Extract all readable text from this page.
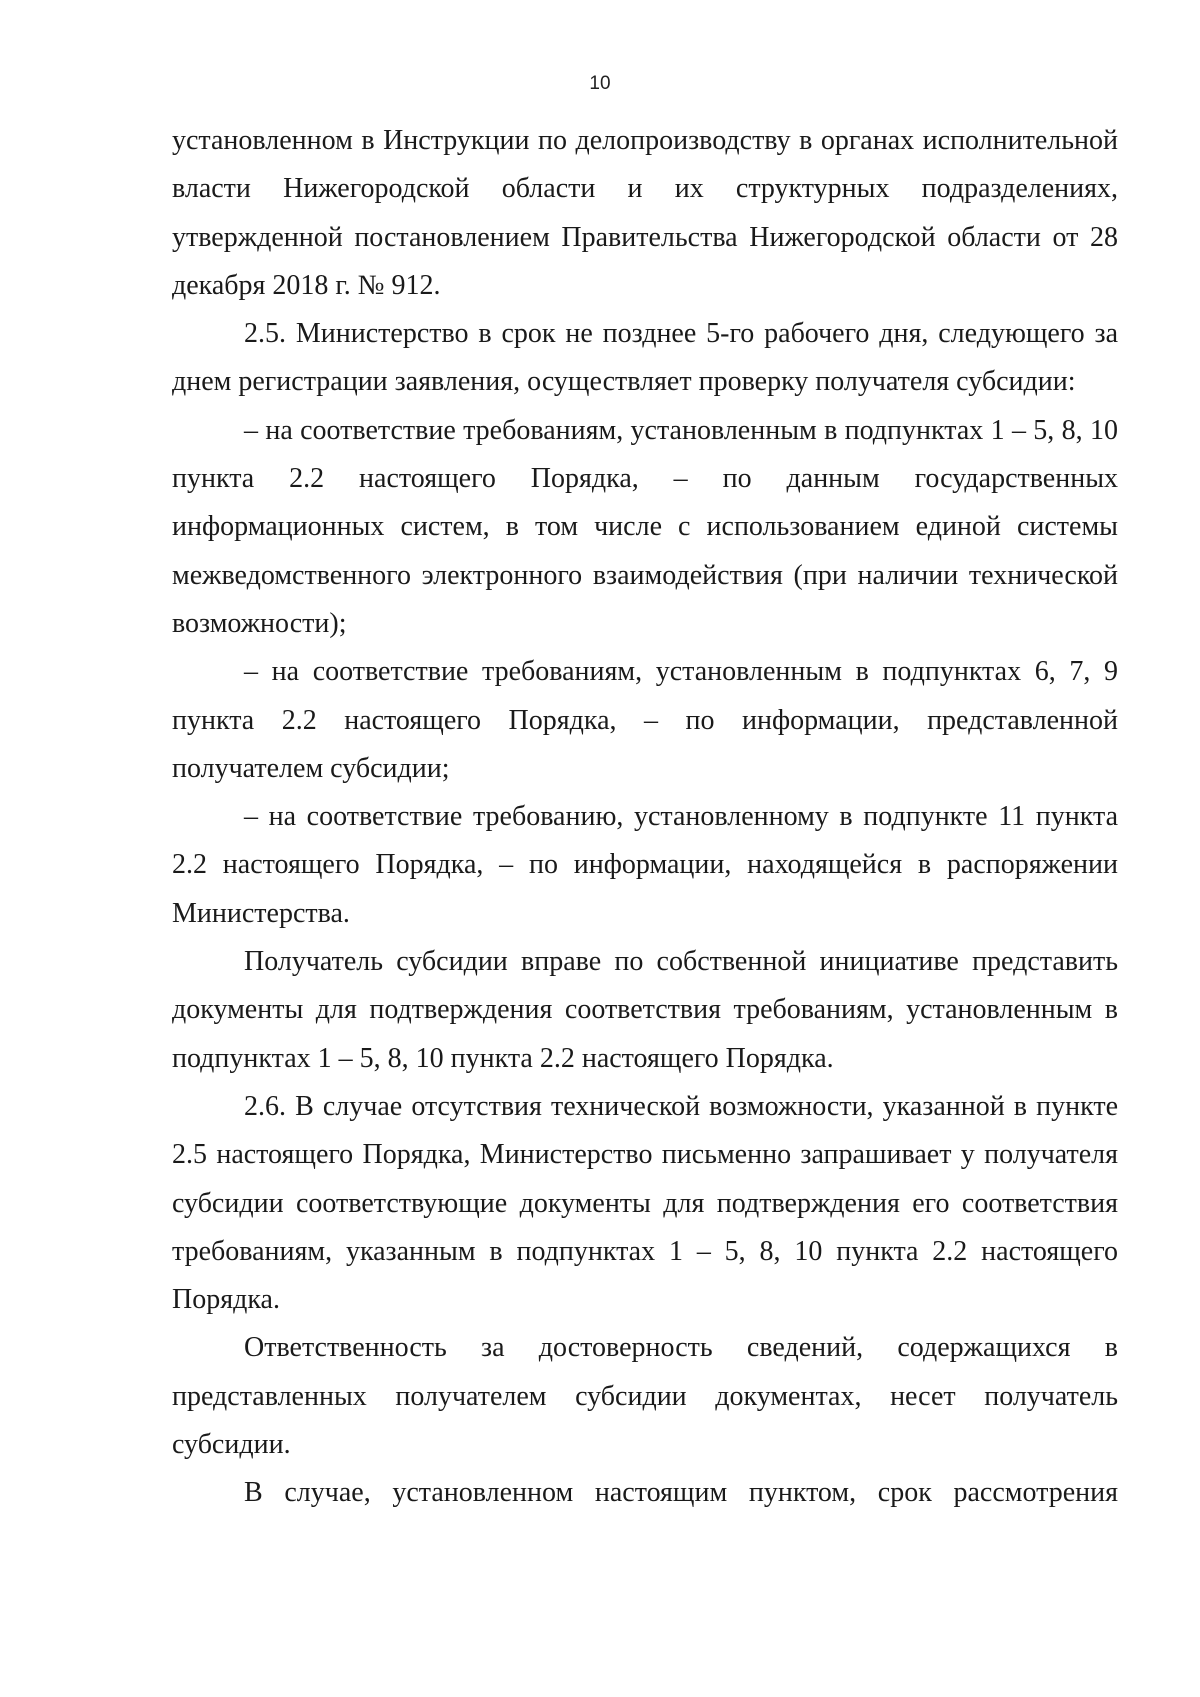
10

установленном в Инструкции по делопроизводству в органах исполнительной власти Нижегородской области и их структурных подразделениях, утвержденной постановлением Правительства Нижегородской области от 28 декабря 2018 г. № 912.

2.5. Министерство в срок не позднее 5-го рабочего дня, следующего за днем регистрации заявления, осуществляет проверку получателя субсидии:

– на соответствие требованиям, установленным в подпунктах 1 – 5, 8, 10 пункта 2.2 настоящего Порядка, – по данным государственных информационных систем, в том числе с использованием единой системы межведомственного электронного взаимодействия (при наличии технической возможности);

– на соответствие требованиям, установленным в подпунктах 6, 7, 9 пункта 2.2 настоящего Порядка, – по информации, представленной получателем субсидии;

– на соответствие требованию, установленному в подпункте 11 пункта 2.2 настоящего Порядка, – по информации, находящейся в распоряжении Министерства.

Получатель субсидии вправе по собственной инициативе представить документы для подтверждения соответствия требованиям, установленным в подпунктах 1 – 5, 8, 10 пункта 2.2 настоящего Порядка.

2.6. В случае отсутствия технической возможности, указанной в пункте 2.5 настоящего Порядка, Министерство письменно запрашивает у получателя субсидии соответствующие документы для подтверждения его соответствия требованиям, указанным в подпунктах 1 – 5, 8, 10 пункта 2.2 настоящего Порядка.

Ответственность за достоверность сведений, содержащихся в представленных получателем субсидии документах, несет получатель субсидии.

В случае, установленном настоящим пунктом, срок рассмотрения
